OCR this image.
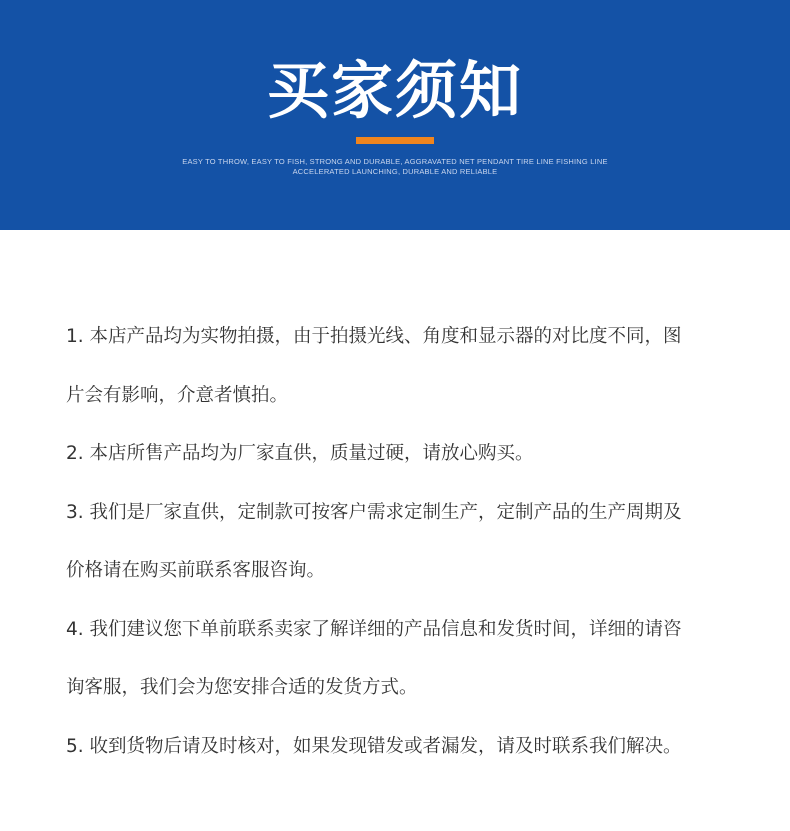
买家须知
EASY TO THROW, EASY TO FISH, STRONG AND DURABLE, AGGRAVATED NET PENDANT TIRE LINE FISHING LINE
ACCELERATED LAUNCHING, DURABLE AND RELIABLE

1. 本店产品均为实物拍摄，由于拍摄光线、角度和显示器的对比度不同，图

片会有影响，介意者慎拍。

2. 本店所售产品均为厂家直供，质量过硬，请放心购买。

3. 我们是厂家直供，定制款可按客户需求定制生产，定制产品的生产周期及

价格请在购买前联系客服咨询。

4. 我们建议您下单前联系卖家了解详细的产品信息和发货时间，详细的请咨

询客服，我们会为您安排合适的发货方式。

5. 收到货物后请及时核对，如果发现错发或者漏发，请及时联系我们解决。
